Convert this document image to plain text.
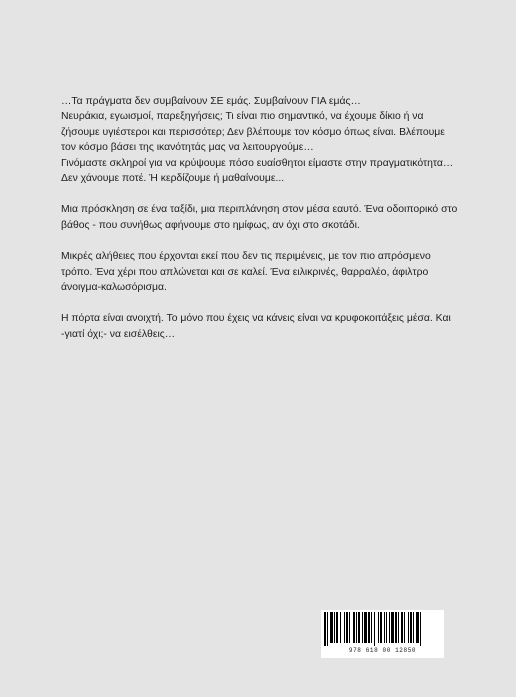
…Τα πράγματα δεν συμβαίνουν ΣΕ εμάς. Συμβαίνουν ΓΙΑ εμάς…
Νευράκια, εγωισμοί, παρεξηγήσεις; Τι είναι πιο σημαντικό, να έχουμε δίκιο ή να ζήσουμε υγιέστεροι και περισσότερ; Δεν βλέπουμε τον κόσμο όπως είναι. Βλέπουμε τον κόσμο βάσει της ικανότητάς μας να λειτουργούμε…
Γινόμαστε σκληροί για να κρύψουμε πόσο ευαίσθητοι είμαστε στην πραγματικότητα… Δεν χάνουμε ποτέ. Ή κερδίζουμε ή μαθαίνουμε...

Μια πρόσκληση σε ένα ταξίδι, μια περιπλάνηση στον μέσα εαυτό. Ένα οδοιπορικό στο βάθος - που συνήθως αφήνουμε στο ημίφως, αν όχι στο σκοτάδι.

Μικρές αλήθειες που έρχονται εκεί που δεν τις περιμένεις, με τον πιο απρόσμενο τρόπο. Ένα χέρι που απλώνεται και σε καλεί. Ένα ειλικρινές, θαρραλέο, άφιλτρο άνοιγμα-καλωσόρισμα.

Η πόρτα είναι ανοιχτή. Το μόνο που έχεις να κάνεις είναι να κρυφοκοιτάξεις μέσα. Και -γιατί όχι;- να εισέλθεις…

978 618 00 12850
